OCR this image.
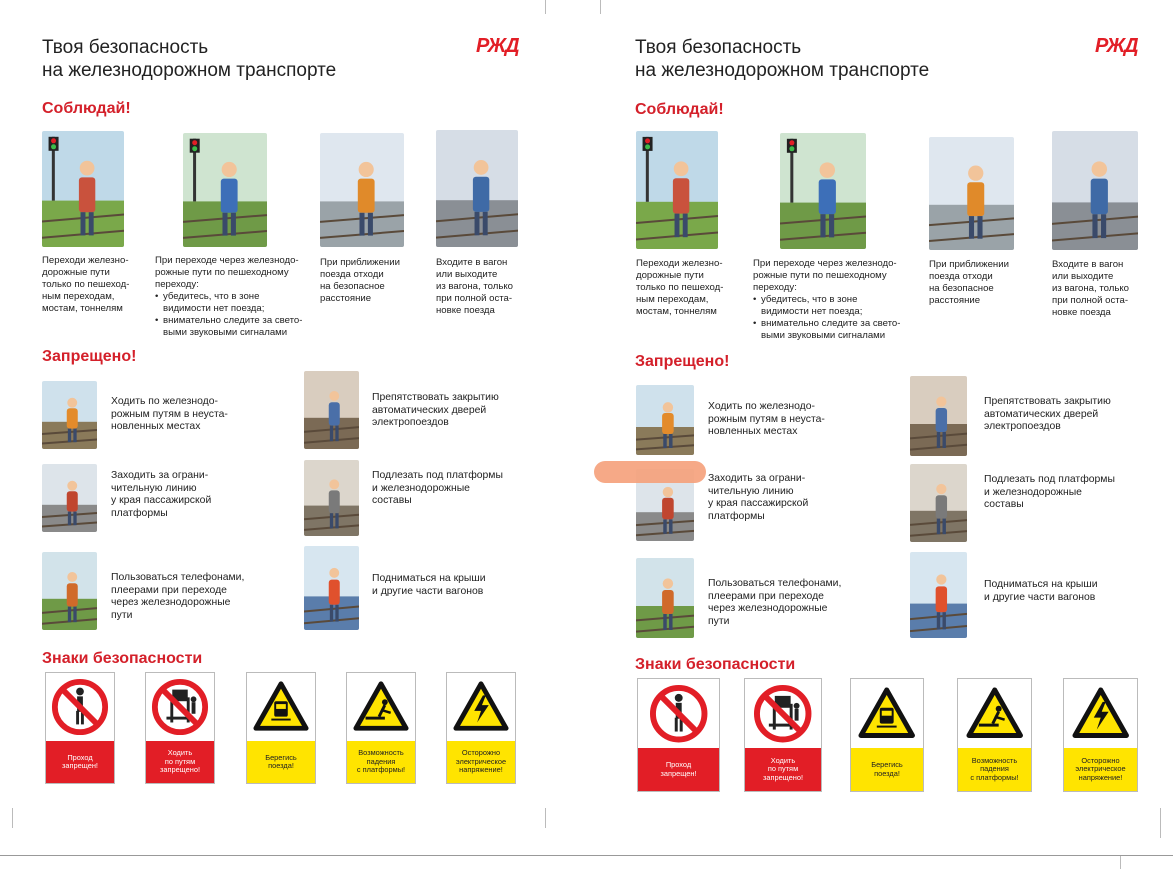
Твоя безопасность
на железнодорожном транспорте
РЖД
Соблюдай!
Запрещено!
Знаки безопасности
Переходи железно-
дорожные пути
только по пешеход-
ным переходам,
мостам, тоннелям
При переходе через железнодо-
рожные пути по пешеходному
переходу:
• убедитесь, что в зоне
видимости нет поезда;
• внимательно следите за свето-
выми звуковыми сигналами
При приближении
поезда отходи
на безопасное
расстояние
Входите в вагон
или выходите
из вагона, только
при полной оста-
новке поезда
Ходить по железнодо-
рожным путям в неуста-
новленных местах
Препятствовать закрытию
автоматических дверей
электропоездов
Заходить за ограни-
чительную линию
у края пассажирской
платформы
Подлезать под платформы
и железнодорожные
составы
Пользоваться телефонами,
плеерами при переходе
через железнодорожные
пути
Подниматься на крыши
и другие части вагонов
Проход
запрещен!
Ходить
по путям
запрещено!
Берегись
поезда!
Возможность
падения
с платформы!
Осторожно
электрическое
напряжение!
Твоя безопасность
на железнодорожном транспорте
РЖД
Соблюдай!
Запрещено!
Знаки безопасности
Переходи железно-
дорожные пути
только по пешеход-
ным переходам,
мостам, тоннелям
При переходе через железнодо-
рожные пути по пешеходному
переходу:
• убедитесь, что в зоне
видимости нет поезда;
• внимательно следите за свето-
выми звуковыми сигналами
При приближении
поезда отходи
на безопасное
расстояние
Входите в вагон
или выходите
из вагона, только
при полной оста-
новке поезда
Ходить по железнодо-
рожным путям в неуста-
новленных местах
Препятствовать закрытию
автоматических дверей
электропоездов
Заходить за ограни-
чительную линию
у края пассажирской
платформы
Подлезать под платформы
и железнодорожные
составы
Пользоваться телефонами,
плеерами при переходе
через железнодорожные
пути
Подниматься на крыши
и другие части вагонов
Проход
запрещен!
Ходить
по путям
запрещено!
Берегись
поезда!
Возможность
падения
с платформы!
Осторожно
электрическое
напряжение!
